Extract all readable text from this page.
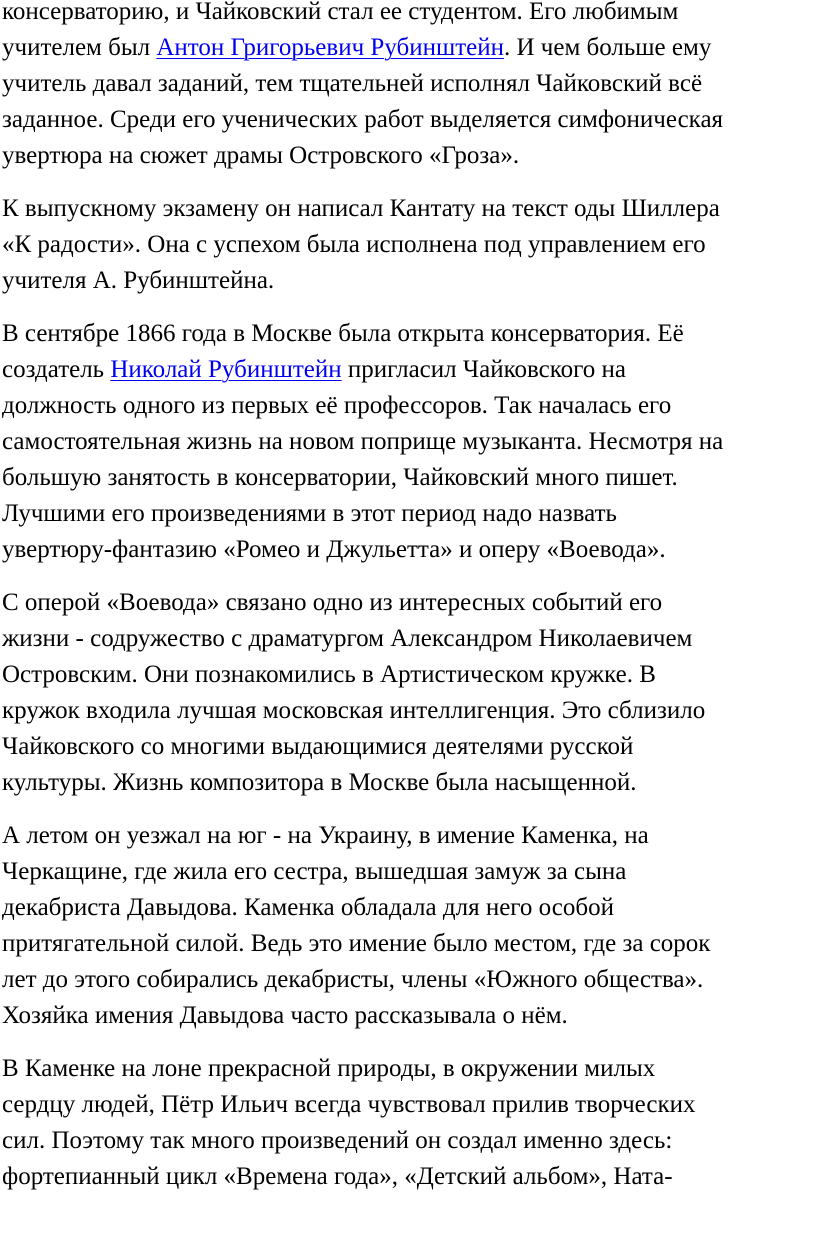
консерваторию, и Чайковский стал ее студентом. Его любимым
учителем был Антон Григорьевич Рубинштейн. И чем больше ему
учитель давал заданий, тем тщательней исполнял Чайковский всё
заданное. Среди его ученических работ выделяется симфоническая
увертюра на сюжет драмы Островского «Гроза».

К выпускному экзамену он написал Кантату на текст оды Шиллера
«К радости». Она с успехом была исполнена под управлением его
учителя А. Рубинштейна.

В сентябре 1866 года в Москве была открыта консерватория. Её
создатель Николай Рубинштейн пригласил Чайковского на
должность одного из первых её профессоров. Так началась его
самостоятельная жизнь на новом поприще музыканта. Несмотря на
большую занятость в консерватории, Чайковский много пишет.
Лучшими его произведениями в этот период надо назвать
увертюру-фантазию «Ромео и Джульетта» и оперу «Воевода».

С оперой «Воевода» связано одно из интересных событий его
жизни - содружество с драматургом Александром Николаевичем
Островским. Они познакомились в Артистическом кружке. В
кружок входила лучшая московская интеллигенция. Это сблизило
Чайковского со многими выдающимися деятелями русской
культуры. Жизнь композитора в Москве была насыщенной.

А летом он уезжал на юг - на Украину, в имение Каменка, на
Черкащине, где жила его сестра, вышедшая замуж за сына
декабриста Давыдова. Каменка обладала для него особой
притягательной силой. Ведь это имение было местом, где за сорок
лет до этого собирались декабристы, члены «Южного общества».
Хозяйка имения Давыдова часто рассказывала о нём.

В Каменке на лоне прекрасной природы, в окружении милых
сердцу людей, Пётр Ильич всегда чувствовал прилив творческих
сил. Поэтому так много произведений он создал именно здесь:
фортепианный цикл «Времена года», «Детский альбом», Ната-
